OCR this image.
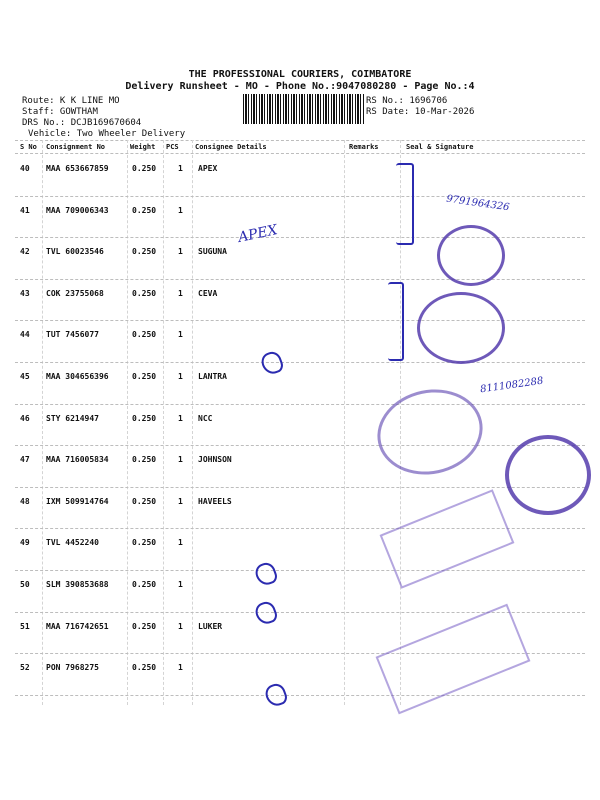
THE PROFESSIONAL COURIERS, COIMBATORE
Delivery Runsheet - MO - Phone No.:9047080280 - Page No.:4
Route: K K LINE MO
Staff: GOWTHAM
DRS No.: DCJB169670604
Vehicle: Two Wheeler Delivery
RS No.: 1696706
RS Date: 10-Mar-2026
S No Consignment No	Weight PCS Consignee Details	Remarks	Seal & Signature
40 MAA 653667859	0.250	1 APEX
41 MAA 709006343	0.250	1
42 TVL 60023546	0.250	1 SUGUNA
43 COK 23755068	0.250	1 CEVA
44 TUT 7456077	0.250	1
45 MAA 304656396	0.250	1 LANTRA
46 STY 6214947	0.250	1 NCC
47 MAA 716005834	0.250	1 JOHNSON
48 IXM 509914764	0.250	1 HAVEELS
49 TVL 4452240	0.250	1
50 SLM 390853688	0.250	1
51 MAA 716742651	0.250	1 LUKER
52 PON 7968275	0.250	1
APEX
9791964326
8111082288
